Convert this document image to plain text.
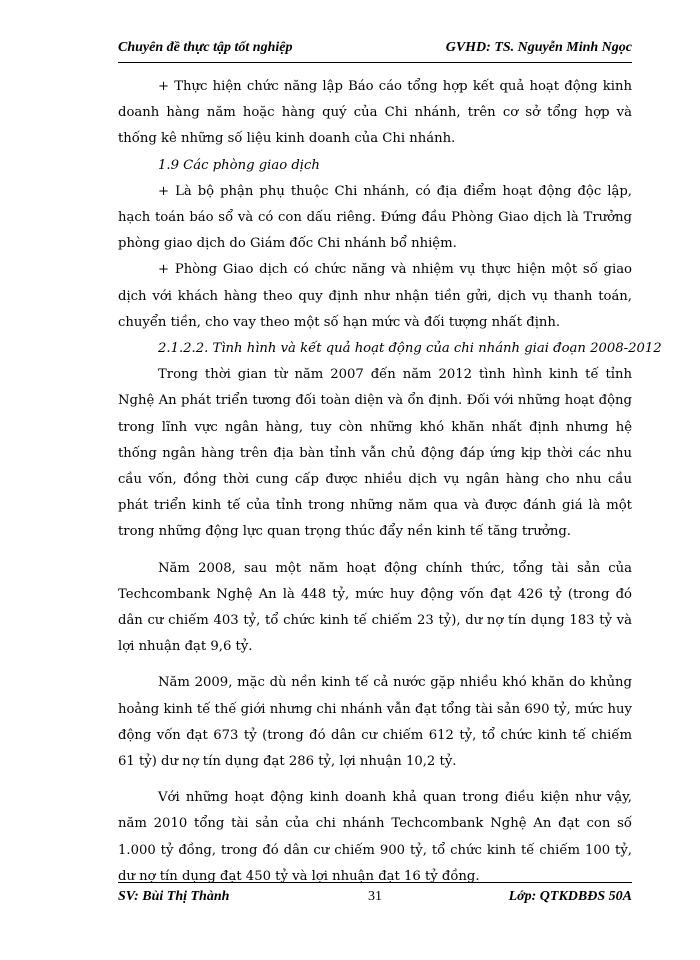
Chuyên đề thực tập tốt nghiệp	GVHD: TS. Nguyễn Minh Ngọc

+ Thực hiện chức năng lập Báo cáo tổng hợp kết quả hoạt động kinh doanh hàng năm hoặc hàng quý của Chi nhánh, trên cơ sở tổng hợp và thống kê những số liệu kinh doanh của Chi nhánh.

1.9 Các phòng giao dịch

+ Là bộ phận phụ thuộc Chi nhánh, có địa điểm hoạt động độc lập, hạch toán báo sổ và có con dấu riêng. Đứng đầu Phòng Giao dịch là Trưởng phòng giao dịch do Giám đốc Chi nhánh bổ nhiệm.

+ Phòng Giao dịch có chức năng và nhiệm vụ thực hiện một số giao dịch với khách hàng theo quy định như nhận tiền gửi, dịch vụ thanh toán, chuyển tiền, cho vay theo một số hạn mức và đối tượng nhất định.

2.1.2.2. Tình hình và kết quả hoạt động của chi nhánh giai đoạn 2008-2012

Trong thời gian từ năm 2007 đến năm 2012 tình hình kinh tế tỉnh Nghệ An phát triển tương đối toàn diện và ổn định. Đối với những hoạt động trong lĩnh vực ngân hàng, tuy còn những khó khăn nhất định nhưng hệ thống ngân hàng trên địa bàn tỉnh vẫn chủ động đáp ứng kịp thời các nhu cầu vốn, đồng thời cung cấp được nhiều dịch vụ ngân hàng cho nhu cầu phát triển kinh tế của tỉnh trong những năm qua và được đánh giá là một trong những động lực quan trọng thúc đẩy nền kinh tế tăng trưởng.

Năm 2008, sau một năm hoạt động chính thức, tổng tài sản của Techcombank Nghệ An là 448 tỷ, mức huy động vốn đạt 426 tỷ (trong đó dân cư chiếm 403 tỷ, tổ chức kinh tế chiếm 23 tỷ), dư nợ tín dụng 183 tỷ và lợi nhuận đạt 9,6 tỷ.

Năm 2009, mặc dù nền kinh tế cả nước gặp nhiều khó khăn do khủng hoảng kinh tế thế giới nhưng chi nhánh vẫn đạt tổng tài sản 690 tỷ, mức huy động vốn đạt 673 tỷ (trong đó dân cư chiếm 612 tỷ, tổ chức kinh tế chiếm 61 tỷ) dư nợ tín dụng đạt 286 tỷ, lợi nhuận 10,2 tỷ.

Với những hoạt động kinh doanh khả quan trong điều kiện như vậy, năm 2010 tổng tài sản của chi nhánh Techcombank Nghệ An đạt con số 1.000 tỷ đồng, trong đó dân cư chiếm 900 tỷ, tổ chức kinh tế chiếm 100 tỷ, dư nợ tín dụng đạt 450 tỷ và lợi nhuận đạt 16 tỷ đồng.

SV: Bùi Thị Thành	31	Lớp: QTKDBĐS 50A
